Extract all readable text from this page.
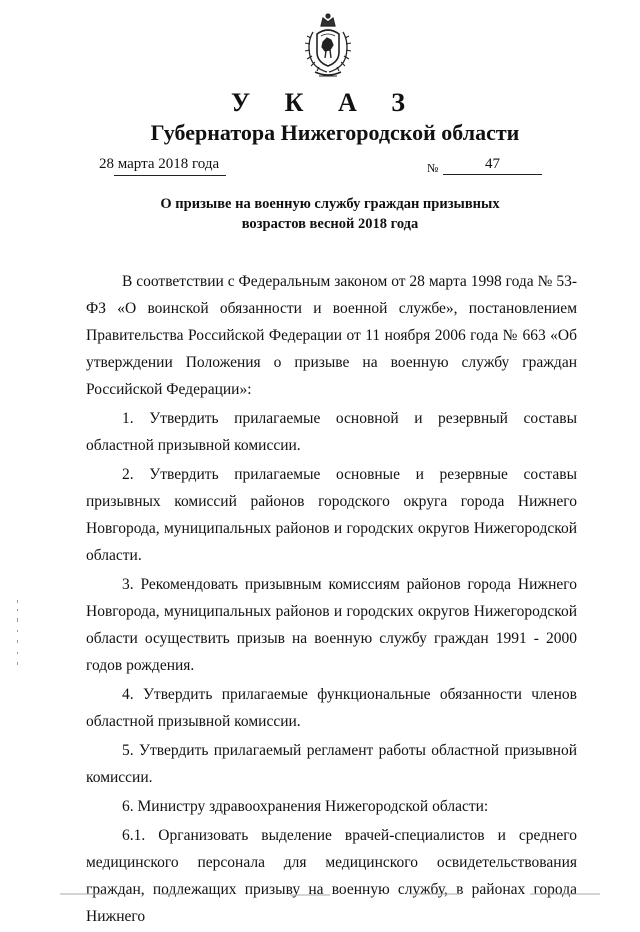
У К А З
Губернатора Нижегородской области
28 марта 2018 года	№	47
О призыве на военную службу граждан призывных возрастов весной 2018 года

В соответствии с Федеральным законом от 28 марта 1998 года № 53-ФЗ «О воинской обязанности и военной службе», постановлением Правительства Российской Федерации от 11 ноября 2006 года № 663 «Об утверждении Положения о призыве на военную службу граждан Российской Федерации»:

1. Утвердить прилагаемые основной и резервный составы областной призывной комиссии.

2. Утвердить прилагаемые основные и резервные составы призывных комиссий районов городского округа города Нижнего Новгорода, муниципальных районов и городских округов Нижегородской области.

3. Рекомендовать призывным комиссиям районов города Нижнего Новгорода, муниципальных районов и городских округов Нижегородской области осуществить призыв на военную службу граждан 1991 - 2000 годов рождения.

4. Утвердить прилагаемые функциональные обязанности членов областной призывной комиссии.

5. Утвердить прилагаемый регламент работы областной призывной комиссии.

6. Министру здравоохранения Нижегородской области:

6.1. Организовать выделение врачей-специалистов и среднего медицинского персонала для медицинского освидетельствования граждан, подлежащих призыву на военную службу, в районах города Нижнего
